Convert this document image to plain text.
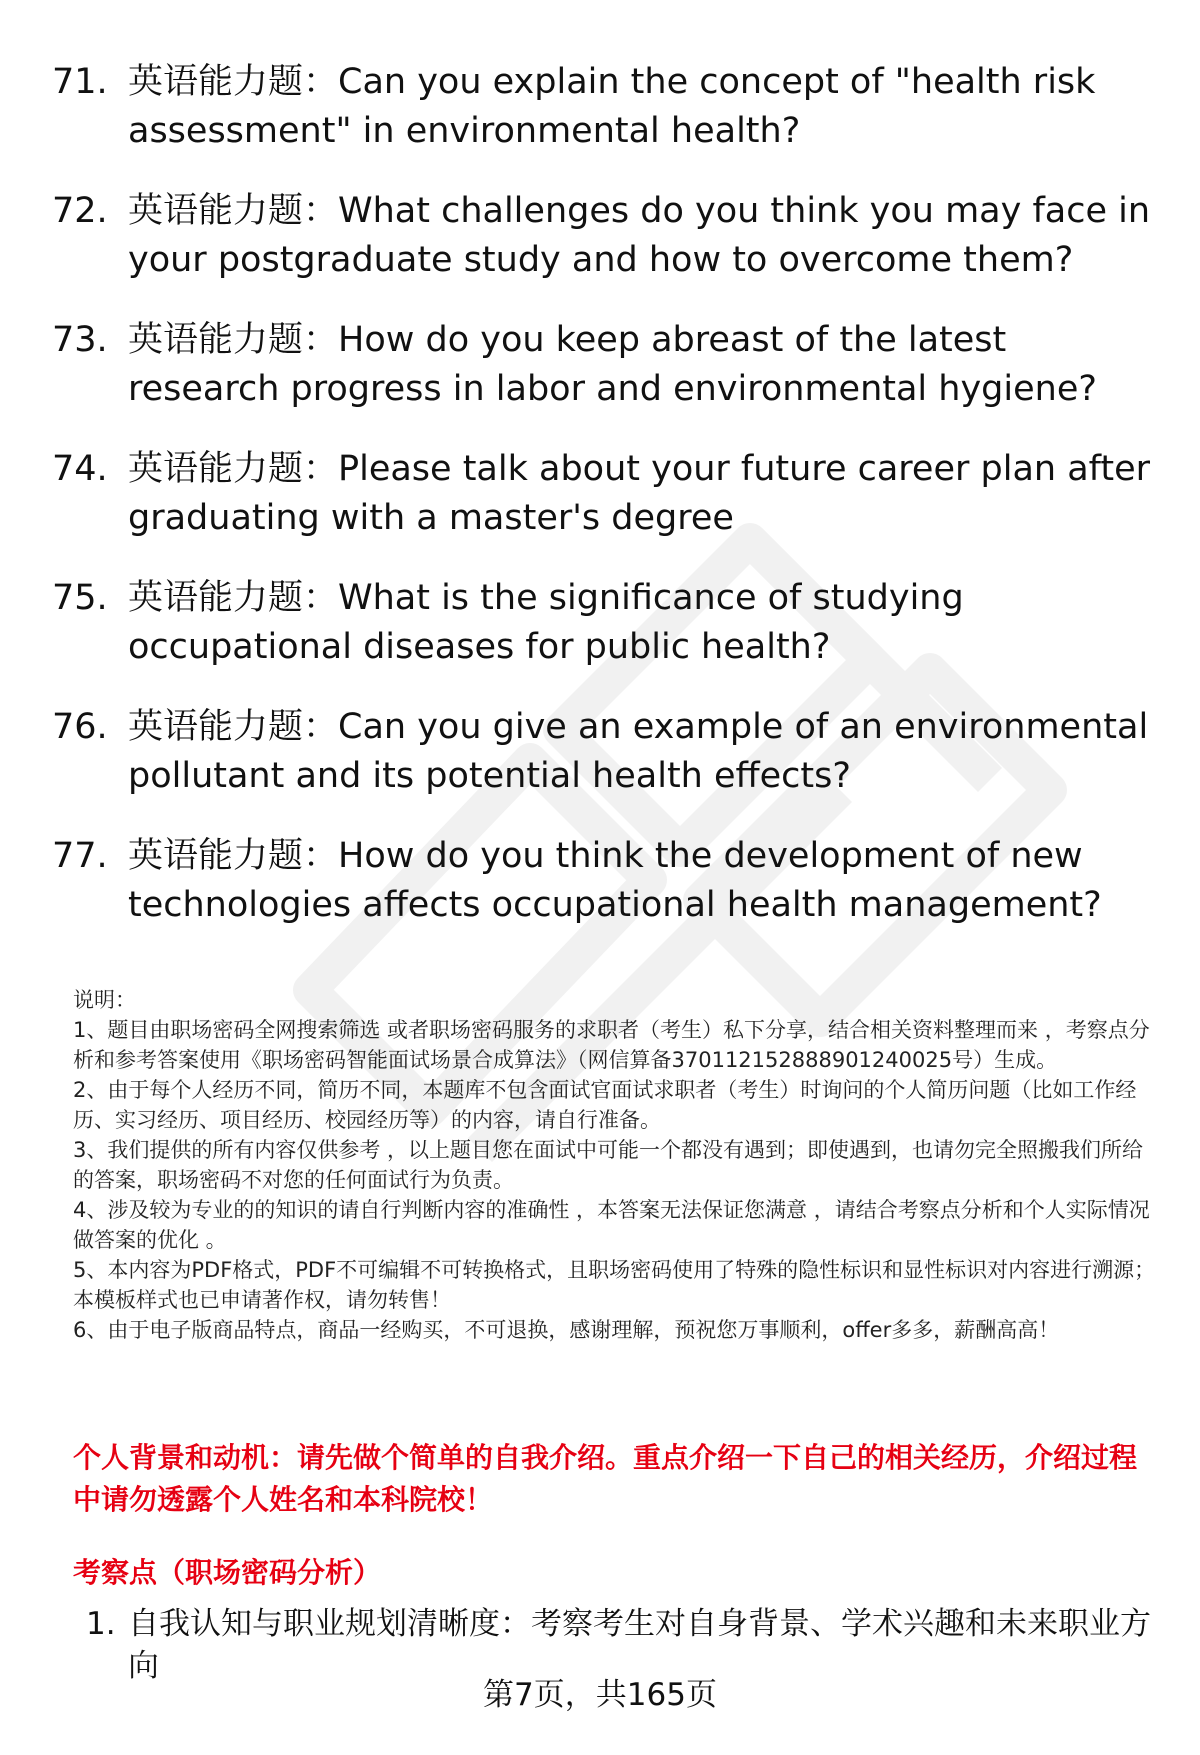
71. 英语能力题：Can you explain the concept of "health risk assessment" in environmental health?
72. 英语能力题：What challenges do you think you may face in your postgraduate study and how to overcome them?
73. 英语能力题：How do you keep abreast of the latest research progress in labor and environmental hygiene?
74. 英语能力题：Please talk about your future career plan after graduating with a master's degree
75. 英语能力题：What is the significance of studying occupational diseases for public health?
76. 英语能力题：Can you give an example of an environmental pollutant and its potential health effects?
77. 英语能力题：How do you think the development of new technologies affects occupational health management?

说明：

1、题目由职场密码全网搜索筛选 或者职场密码服务的求职者（考生）私下分享，结合相关资料整理而来 ，考察点分析和参考答案使用《职场密码智能面试场景合成算法》（网信算备370112152888901240025号）生成。

2、由于每个人经历不同，简历不同，本题库不包含面试官面试求职者（考生）时询问的个人简历问题（比如工作经历、实习经历、项目经历、校园经历等）的内容，请自行准备。

3、我们提供的所有内容仅供参考 ，以上题目您在面试中可能一个都没有遇到；即使遇到，也请勿完全照搬我们所给的答案，职场密码不对您的任何面试行为负责。

4、涉及较为专业的的知识的请自行判断内容的准确性 ，本答案无法保证您满意 ，请结合考察点分析和个人实际情况做答案的优化 。

5、本内容为PDF格式，PDF不可编辑不可转换格式，且职场密码使用了特殊的隐性标识和显性标识对内容进行溯源；本模板样式也已申请著作权，请勿转售！

6、由于电子版商品特点，商品一经购买，不可退换，感谢理解，预祝您万事顺利，offer多多，薪酬高高！

个人背景和动机：请先做个简单的自我介绍。重点介绍一下自己的相关经历，介绍过程中请勿透露个人姓名和本科院校！
考察点（职场密码分析）
1. 自我认知与职业规划清晰度：考察考生对自身背景、学术兴趣和未来职业方向
第7页，共165页
